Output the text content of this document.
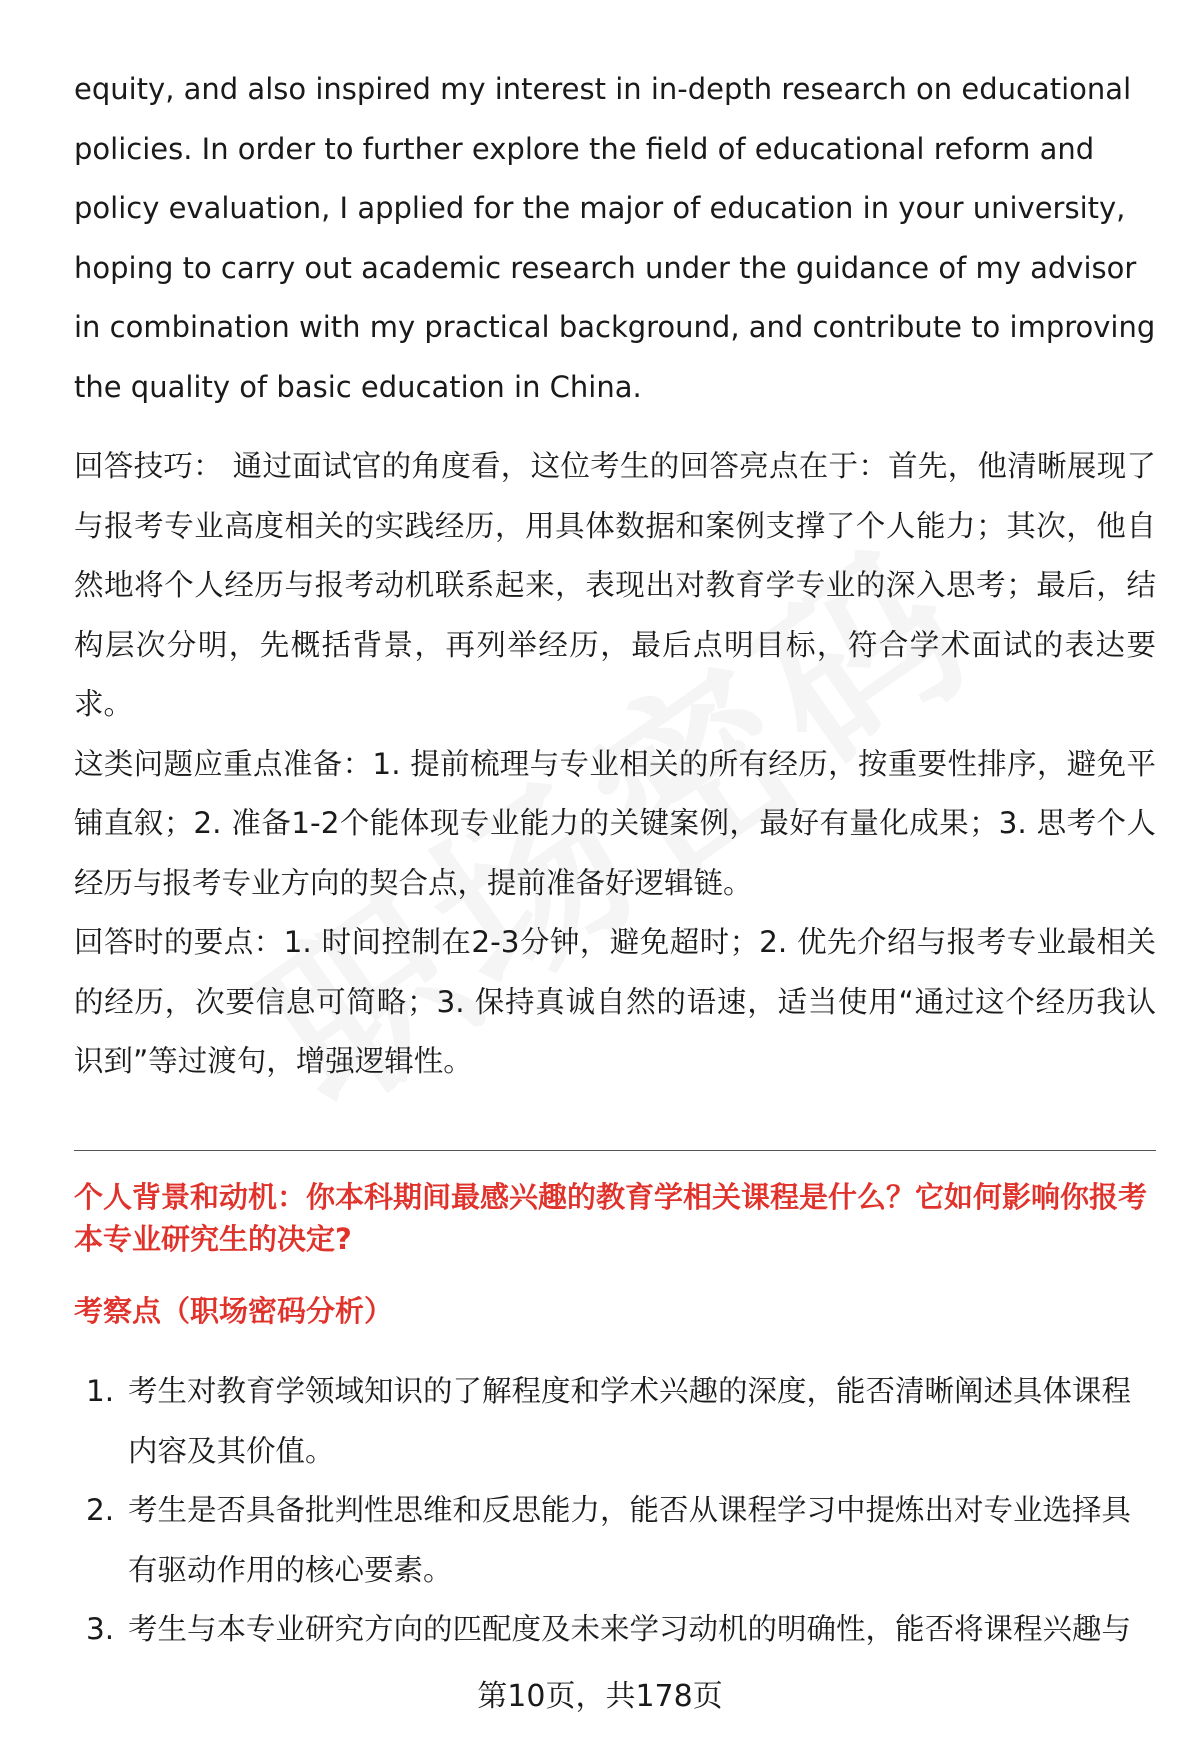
equity, and also inspired my interest in in-depth research on educational policies. In order to further explore the field of educational reform and policy evaluation, I applied for the major of education in your university, hoping to carry out academic research under the guidance of my advisor in combination with my practical background, and contribute to improving the quality of basic education in China.

回答技巧： 通过面试官的角度看，这位考生的回答亮点在于：首先，他清晰展现了与报考专业高度相关的实践经历，用具体数据和案例支撑了个人能力；其次，他自然地将个人经历与报考动机联系起来，表现出对教育学专业的深入思考；最后，结构层次分明，先概括背景，再列举经历，最后点明目标，符合学术面试的表达要求。

这类问题应重点准备：1. 提前梳理与专业相关的所有经历，按重要性排序，避免平铺直叙；2. 准备1-2个能体现专业能力的关键案例，最好有量化成果；3. 思考个人经历与报考专业方向的契合点，提前准备好逻辑链。

回答时的要点：1. 时间控制在2-3分钟，避免超时；2. 优先介绍与报考专业最相关的经历，次要信息可简略；3. 保持真诚自然的语速，适当使用“通过这个经历我认识到”等过渡句，增强逻辑性。

个人背景和动机：你本科期间最感兴趣的教育学相关课程是什么？它如何影响你报考本专业研究生的决定?

考察点（职场密码分析）

1. 考生对教育学领域知识的了解程度和学术兴趣的深度，能否清晰阐述具体课程内容及其价值。
2. 考生是否具备批判性思维和反思能力，能否从课程学习中提炼出对专业选择具有驱动作用的核心要素。
3. 考生与本专业研究方向的匹配度及未来学习动机的明确性，能否将课程兴趣与
第10页，共178页
